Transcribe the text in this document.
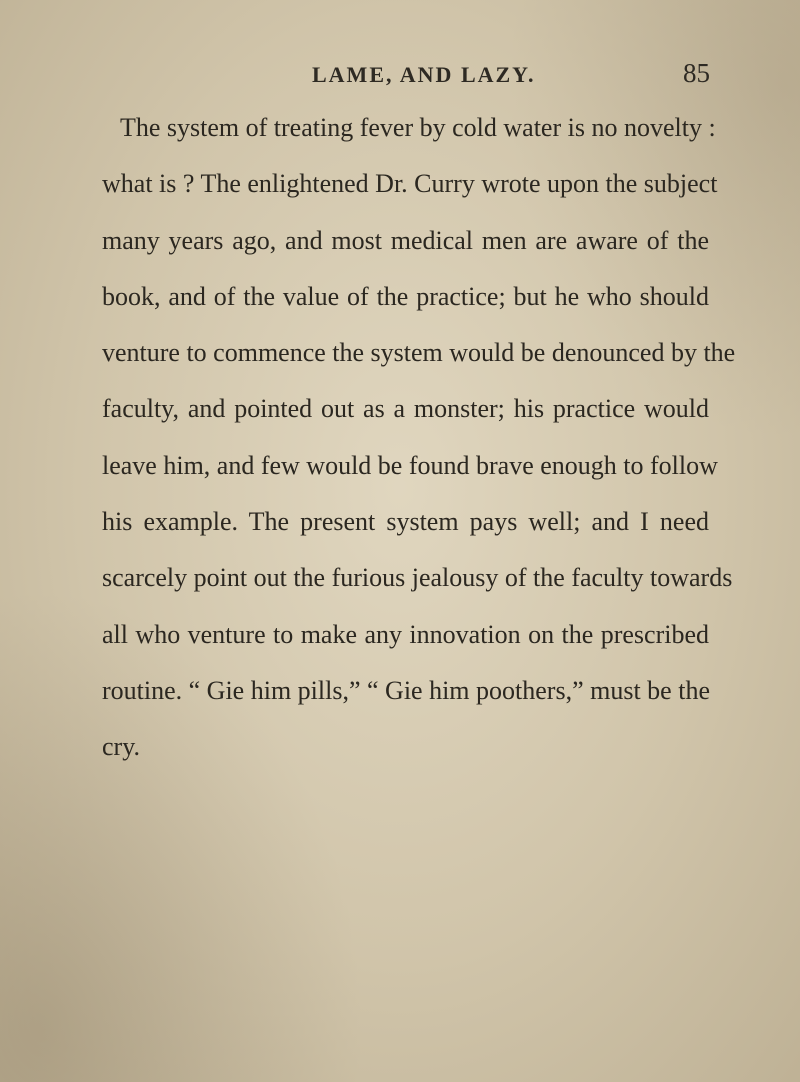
LAME, AND LAZY.	85
The system of treating fever by cold water is no novelty :
what is ? The enlightened Dr. Curry wrote upon the subject
many years ago, and most medical men are aware of the
book, and of the value of the practice; but he who should
venture to commence the system would be denounced by the
faculty, and pointed out as a monster; his practice would
leave him, and few would be found brave enough to follow
his example. The present system pays well; and I need
scarcely point out the furious jealousy of the faculty towards
all who venture to make any innovation on the prescribed
routine. “ Gie him pills,” “ Gie him poothers,” must be the
cry.
